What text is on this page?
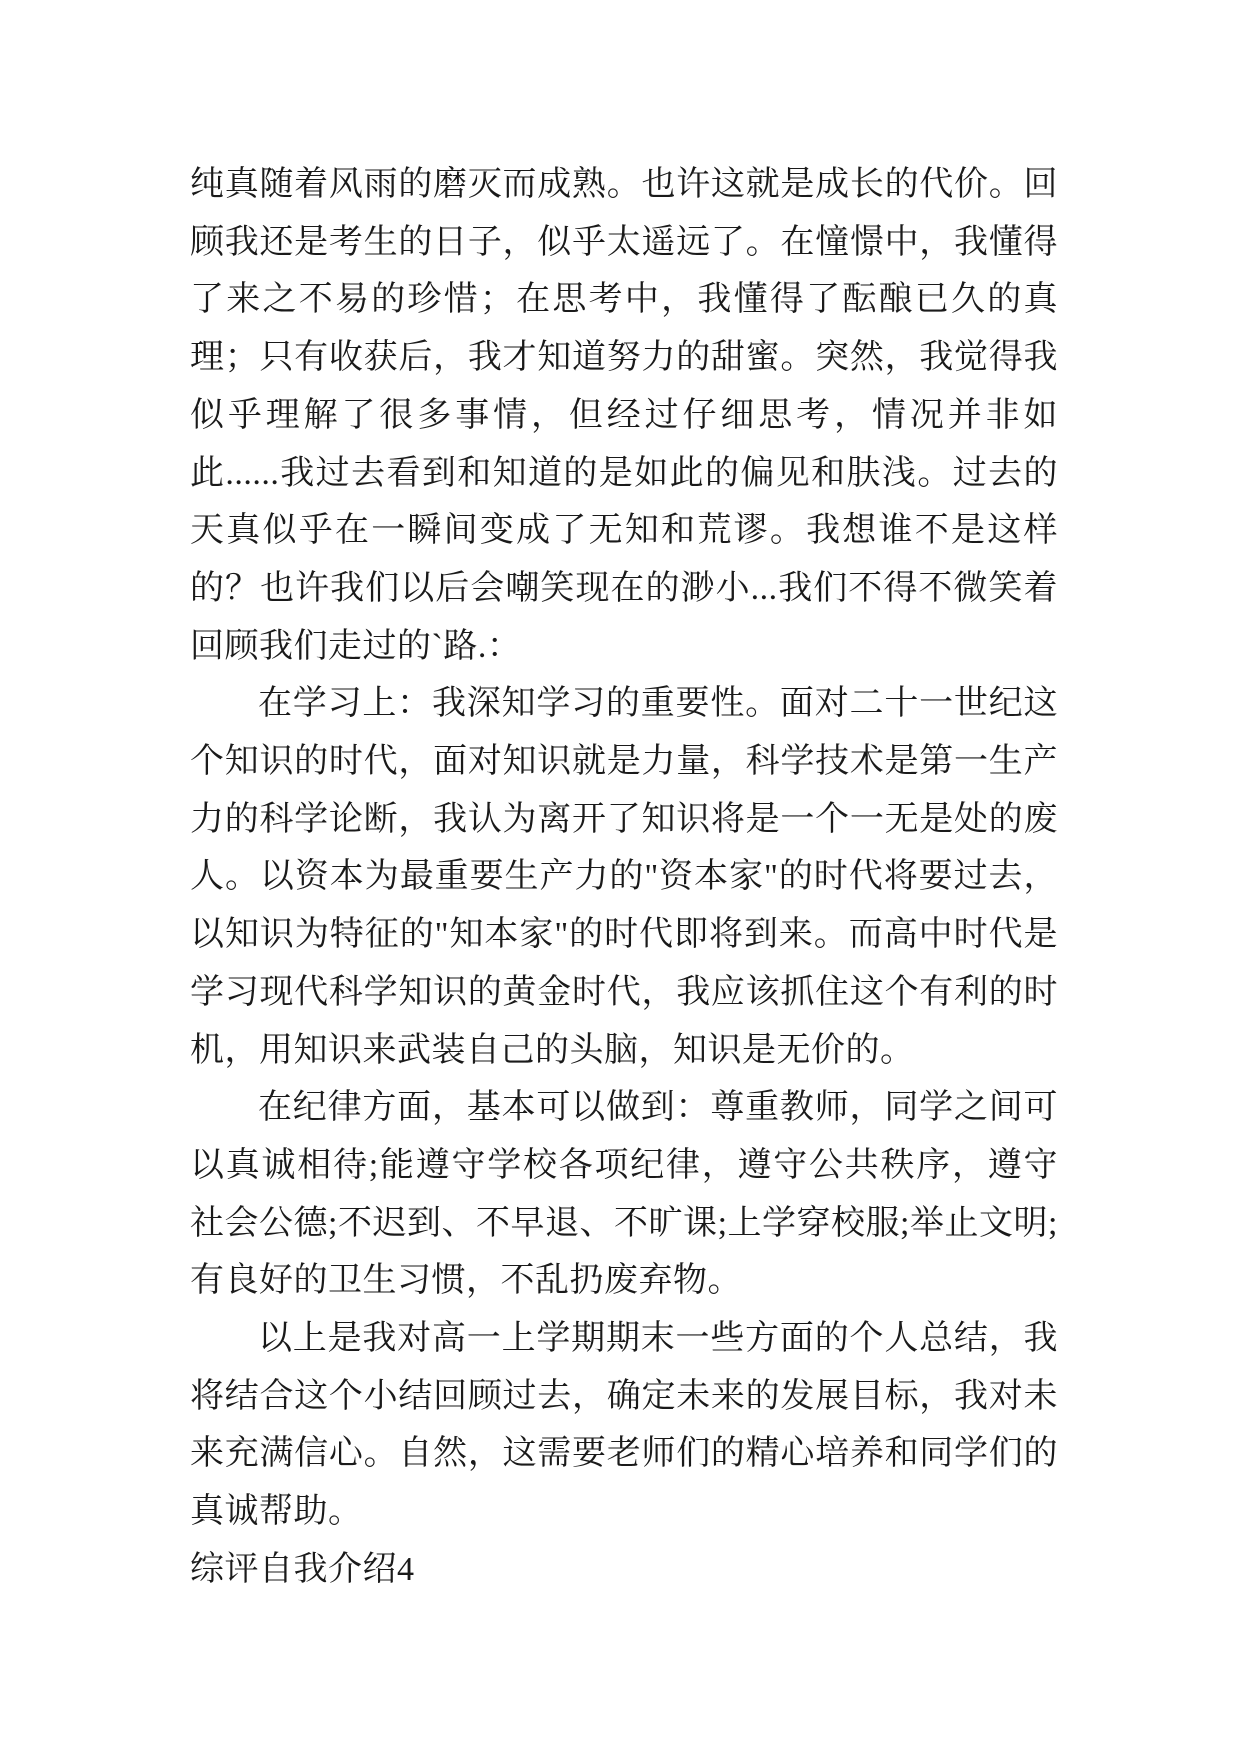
纯真随着风雨的磨灭而成熟。也许这就是成长的代价。回顾我还是考生的日子，似乎太遥远了。在憧憬中，我懂得了来之不易的珍惜；在思考中，我懂得了酝酿已久的真理；只有收获后，我才知道努力的甜蜜。突然，我觉得我似乎理解了很多事情，但经过仔细思考，情况并非如此......我过去看到和知道的是如此的偏见和肤浅。过去的天真似乎在一瞬间变成了无知和荒谬。我想谁不是这样的？也许我们以后会嘲笑现在的渺小...我们不得不微笑着回顾我们走过的`路.：

在学习上：我深知学习的重要性。面对二十一世纪这个知识的时代，面对知识就是力量，科学技术是第一生产力的科学论断，我认为离开了知识将是一个一无是处的废人。以资本为最重要生产力的"资本家"的时代将要过去，以知识为特征的"知本家"的时代即将到来。而高中时代是学习现代科学知识的黄金时代，我应该抓住这个有利的时机，用知识来武装自己的头脑，知识是无价的。

在纪律方面，基本可以做到：尊重教师，同学之间可以真诚相待;能遵守学校各项纪律，遵守公共秩序，遵守社会公德;不迟到、不早退、不旷课;上学穿校服;举止文明;有良好的卫生习惯，不乱扔废弃物。

以上是我对高一上学期期末一些方面的个人总结，我将结合这个小结回顾过去，确定未来的发展目标，我对未来充满信心。自然，这需要老师们的精心培养和同学们的真诚帮助。

综评自我介绍4
